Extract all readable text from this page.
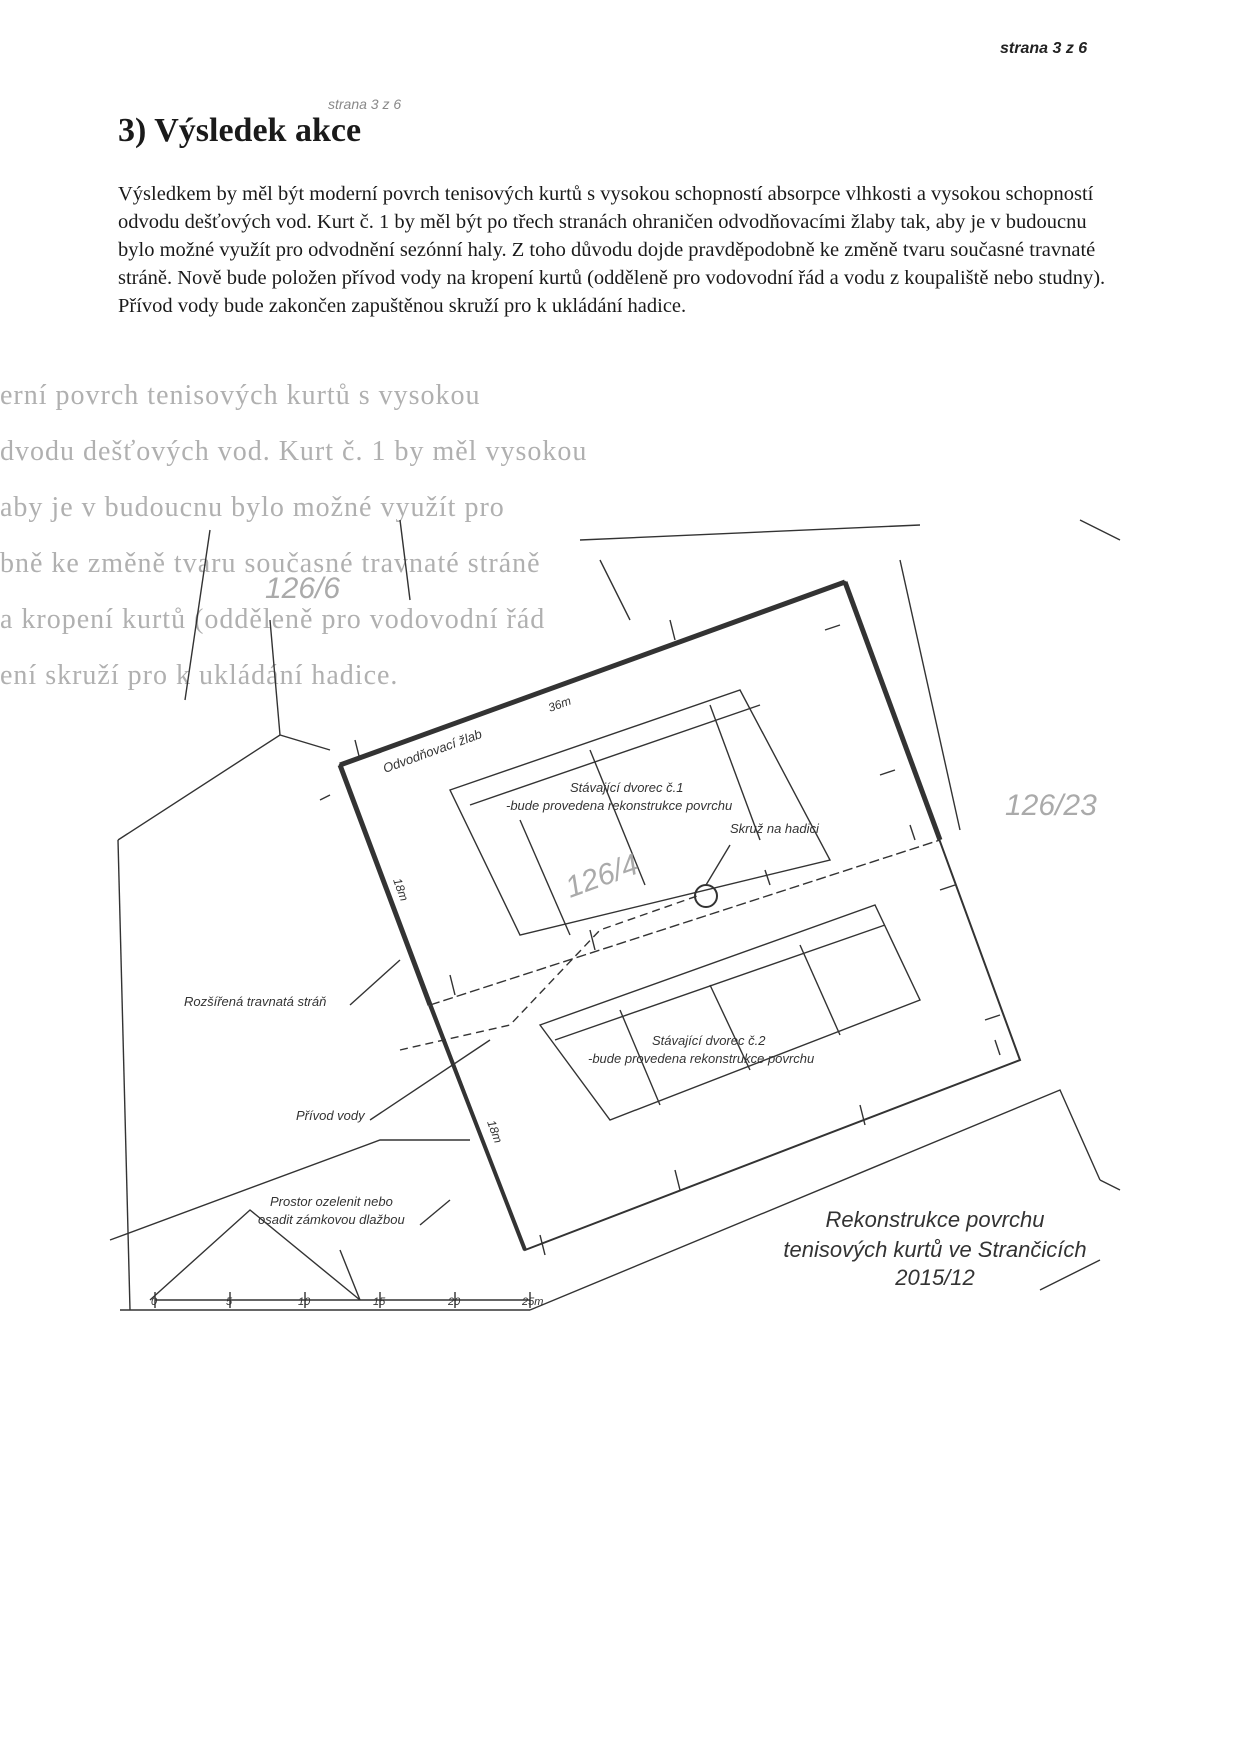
strana 3 z 6
strana 3 z 6
3) Výsledek akce

Výsledkem by měl být moderní povrch tenisových kurtů s vysokou schopností absorpce vlhkosti a vysokou schopností odvodu dešťových vod. Kurt č. 1 by měl být po třech stranách ohraničen odvodňovacími žlaby tak, aby je v budoucnu bylo možné využít pro odvodnění sezónní haly. Z toho důvodu dojde pravděpodobně ke změně tvaru současné travnaté stráně. Nově bude položen přívod vody na kropení kurtů (odděleně pro vodovodní řád a vodu z koupaliště nebo studny). Přívod vody bude zakončen zapuštěnou skruží pro k ukládání hadice.

erní povrch tenisových kurtů s vysokou
dvodu dešťových vod. Kurt č. 1 by měl vysokou
aby je v budoucnu bylo možné využít pro
bně ke změně tvaru současné travnaté stráně
a kropení kurtů (odděleně pro vodovodní řád
ení skruží pro k ukládání hadice.
126/6
126/23
126/4
Odvodňovací žlab
36m
18m
18m
Stávající dvorec č.1
-bude provedena rekonstrukce povrchu
Skruž na hadici
Stávající dvorec č.2
-bude provedena rekonstrukce povrchu
Rozšířená travnatá stráň
Přívod vody
Prostor ozelenit nebo
osadit zámkovou dlažbou
0	5	10	15	20	25m
Rekonstrukce povrchu
tenisových kurtů ve Strančicích
2015/12
